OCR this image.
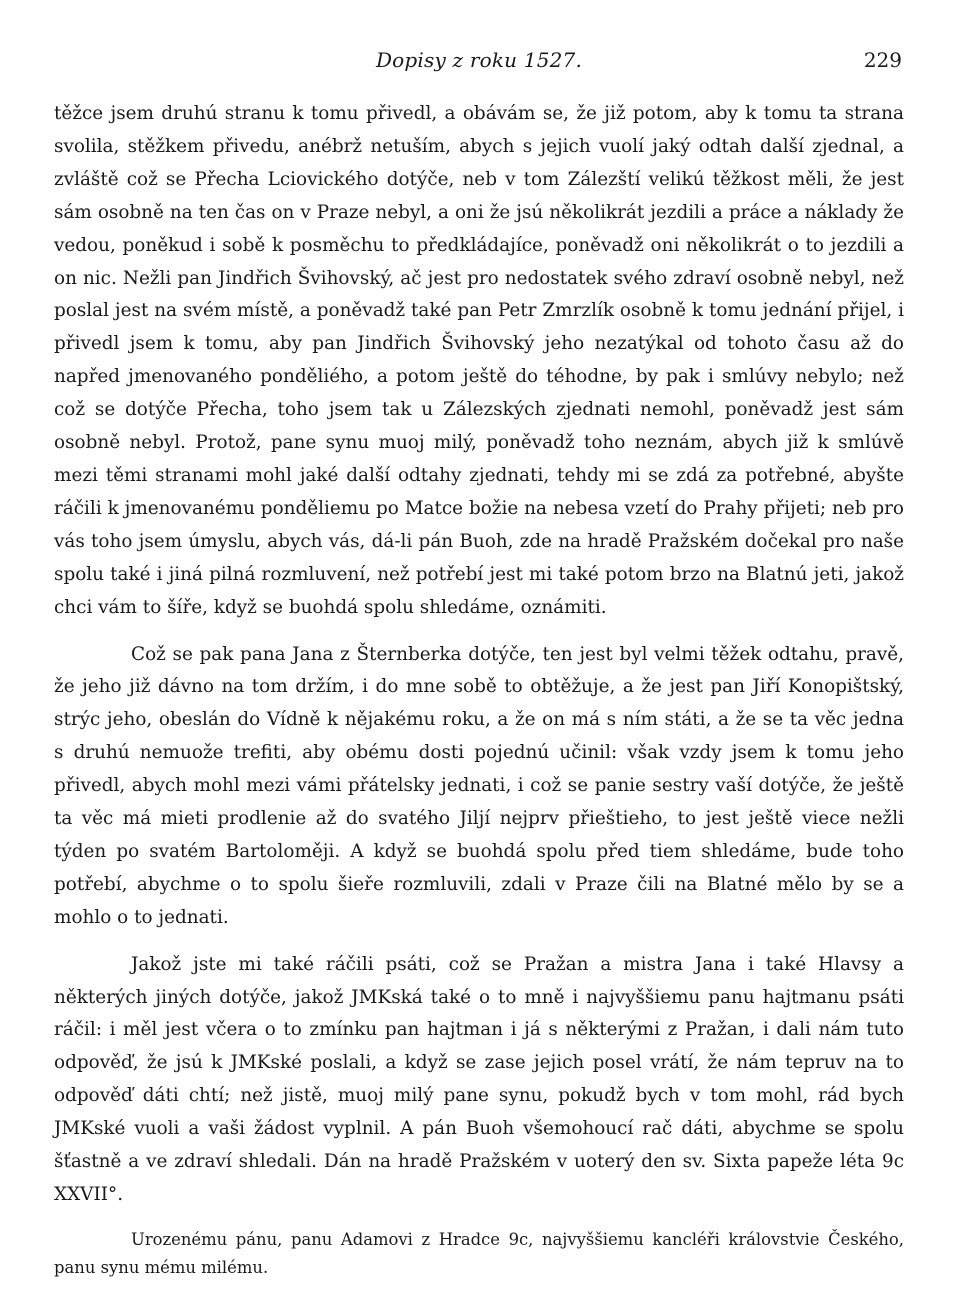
Dopisy z roku 1527.	229

těžce jsem druhú stranu k tomu přivedl, a obávám se, že již potom, aby k tomu ta strana svolila, stěžkem přivedu, anébrž netuším, abych s jejich vuolí jaký odtah další zjednal, a zvláště což se Přecha Lciovického dotýče, neb v tom Zálezští velikú těžkost měli, že jest sám osobně na ten čas on v Praze nebyl, a oni že jsú několikrát jezdili a práce a náklady že vedou, poněkud i sobě k posměchu to předkládajíce, poněvadž oni několikrát o to jezdili a on nic. Nežli pan Jindřich Švihovský, ač jest pro nedostatek svého zdraví osobně nebyl, než poslal jest na svém místě, a poněvadž také pan Petr Zmrzlík osobně k tomu jednání přijel, i přivedl jsem k tomu, aby pan Jindřich Švihovský jeho nezatýkal od tohoto času až do napřed jmenovaného ponděliého, a potom ještě do téhodne, by pak i smlúvy nebylo; než což se dotýče Přecha, toho jsem tak u Zálezských zjednati nemohl, poněvadž jest sám osobně nebyl. Protož, pane synu muoj milý, poněvadž toho neznám, abych již k smlúvě mezi těmi stranami mohl jaké další odtahy zjednati, tehdy mi se zdá za potřebné, abyšte ráčili k jmenovanému ponděliemu po Matce božie na nebesa vzetí do Prahy přijeti; neb pro vás toho jsem úmyslu, abych vás, dá-li pán Buoh, zde na hradě Pražském dočekal pro naše spolu také i jiná pilná rozmluvení, než potřebí jest mi také potom brzo na Blatnú jeti, jakož chci vám to šíře, když se buohdá spolu shledáme, oznámiti.

Což se pak pana Jana z Šternberka dotýče, ten jest byl velmi těžek odtahu, pravě, že jeho již dávno na tom držím, i do mne sobě to obtěžuje, a že jest pan Jiří Konopištský, strýc jeho, obeslán do Vídně k nějakému roku, a že on má s ním státi, a že se ta věc jedna s druhú nemuože trefiti, aby obému dosti pojednú učinil: však vzdy jsem k tomu jeho přivedl, abych mohl mezi vámi přátelsky jednati, i což se panie sestry vaší dotýče, že ještě ta věc má mieti prodlenie až do svatého Jiljí nejprv přieštieho, to jest ještě viece nežli týden po svatém Bartoloměji. A když se buohdá spolu před tiem shledáme, bude toho potřebí, abychme o to spolu šieře rozmluvili, zdali v Praze čili na Blatné mělo by se a mohlo o to jednati.

Jakož jste mi také ráčili psáti, což se Pražan a mistra Jana i také Hlavsy a některých jiných dotýče, jakož JMKská také o to mně i najvyššiemu panu hajtmanu psáti ráčil: i měl jest včera o to zmínku pan hajtman i já s některými z Pražan, i dali nám tuto odpověď, že jsú k JMKské poslali, a když se zase jejich posel vrátí, že nám tepruv na to odpověď dáti chtí; než jistě, muoj milý pane synu, pokudž bych v tom mohl, rád bych JMKské vuoli a vaši žádost vyplnil. A pán Buoh všemohoucí rač dáti, abychme se spolu šťastně a ve zdraví shledali. Dán na hradě Pražském v uoterý den sv. Sixta papeže léta 9c XXVII°.

Urozenému pánu, panu Adamovi z Hradce 9c, najvyššiemu kancléři královstvie Českého, panu synu mému milému.
